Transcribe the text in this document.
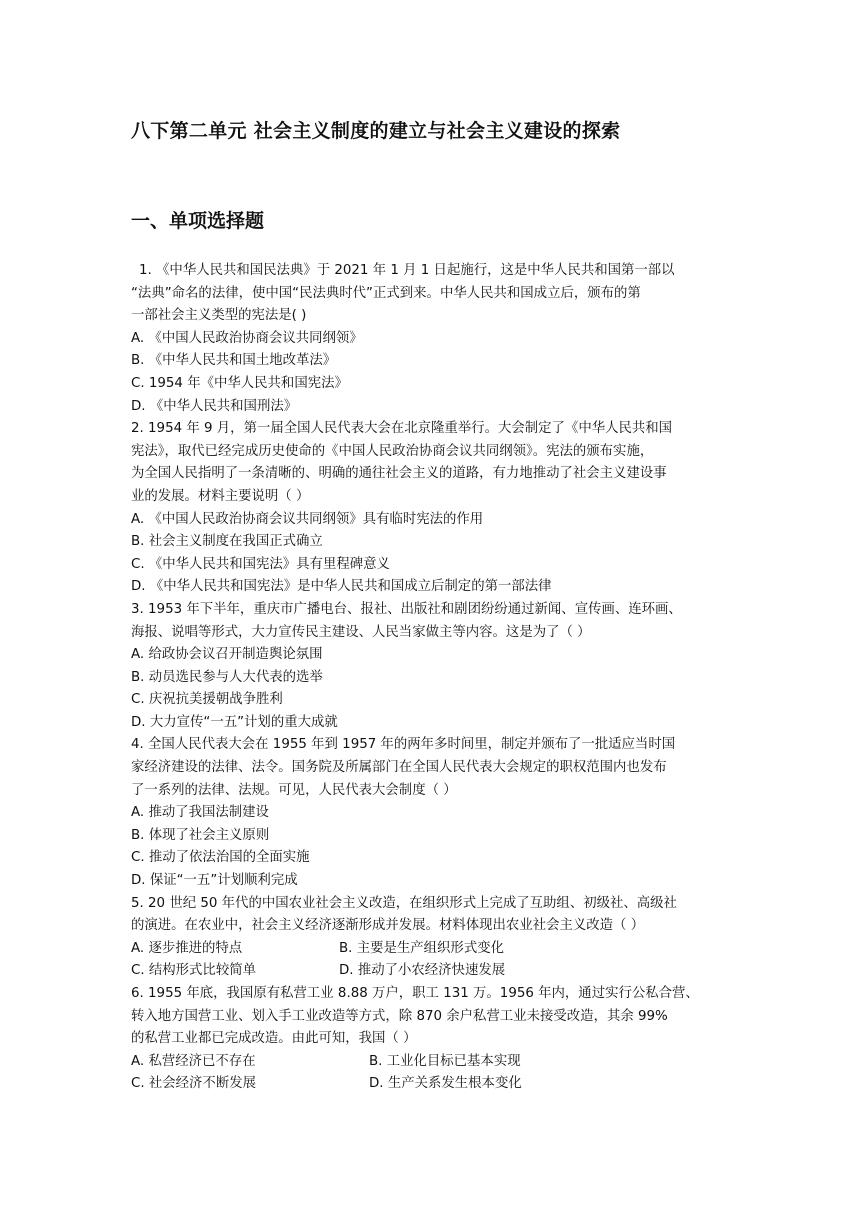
八下第二单元 社会主义制度的建立与社会主义建设的探索
一、单项选择题
1. 《中华人民共和国民法典》于 2021 年 1 月 1 日起施行，这是中华人民共和国第一部以
“法典”命名的法律，使中国“民法典时代”正式到来。中华人民共和国成立后，颁布的第
一部社会主义类型的宪法是( )
A. 《中国人民政治协商会议共同纲领》
B. 《中华人民共和国土地改革法》
C. 1954 年《中华人民共和国宪法》
D. 《中华人民共和国刑法》
2. 1954 年 9 月，第一届全国人民代表大会在北京隆重举行。大会制定了《中华人民共和国
宪法》，取代已经完成历史使命的《中国人民政治协商会议共同纲领》。宪法的颁布实施，
为全国人民指明了一条清晰的、明确的通往社会主义的道路，有力地推动了社会主义建设事
业的发展。材料主要说明（ ）
A. 《中国人民政治协商会议共同纲领》具有临时宪法的作用
B. 社会主义制度在我国正式确立
C. 《中华人民共和国宪法》具有里程碑意义
D. 《中华人民共和国宪法》是中华人民共和国成立后制定的第一部法律
3. 1953 年下半年，重庆市广播电台、报社、出版社和剧团纷纷通过新闻、宣传画、连环画、
海报、说唱等形式，大力宣传民主建设、人民当家做主等内容。这是为了（ ）
A. 给政协会议召开制造舆论氛围
B. 动员选民参与人大代表的选举
C. 庆祝抗美援朝战争胜利
D. 大力宣传“一五”计划的重大成就
4. 全国人民代表大会在 1955 年到 1957 年的两年多时间里，制定并颁布了一批适应当时国
家经济建设的法律、法令。国务院及所属部门在全国人民代表大会规定的职权范围内也发布
了一系列的法律、法规。可见，人民代表大会制度（ ）
A. 推动了我国法制建设
B. 体现了社会主义原则
C. 推动了依法治国的全面实施
D. 保证“一五”计划顺利完成
5. 20 世纪 50 年代的中国农业社会主义改造，在组织形式上完成了互助组、初级社、高级社
的演进。在农业中，社会主义经济逐渐形成并发展。材料体现出农业社会主义改造（ ）
A. 逐步推进的特点	B. 主要是生产组织形式变化
C. 结构形式比较简单	D. 推动了小农经济快速发展
6. 1955 年底，我国原有私营工业 8.88 万户，职工 131 万。1956 年内，通过实行公私合营、
转入地方国营工业、划入手工业改造等方式，除 870 余户私营工业未接受改造，其余 99%
的私营工业都已完成改造。由此可知，我国（ ）
A. 私营经济已不存在	B. 工业化目标已基本实现
C. 社会经济不断发展	D. 生产关系发生根本变化
